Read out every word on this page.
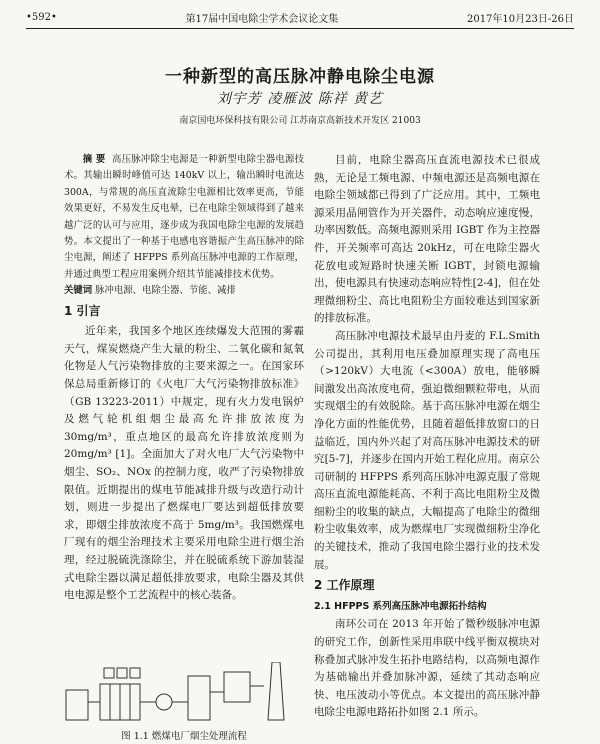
•592•	第17届中国电除尘学术会议论文集	2017年10月23日-26日
一种新型的高压脉冲静电除尘电源
刘宇芳 凌雁波 陈祥 黄艺
南京国电环保科技有限公司 江苏南京高新技术开发区 21003

摘 要 高压脉冲除尘电源是一种新型电除尘器电源技术。其输出瞬时峰值可达 140kV 以上，输出瞬时电流达 300A，与常规的高压直流除尘电源相比效率更高，节能效果更好，不易发生反电晕，已在电除尘领域得到了越来越广泛的认可与应用，逐步成为我国电除尘电源的发展趋势。本文提出了一种基于电感电容谐振产生高压脉冲的除尘电源，阐述了 HFPPS 系列高压脉冲电源的工作原理，并通过典型工程应用案例介绍其节能减排技术优势。

关键词 脉冲电源、电除尘器、节能、减排

1 引言

近年来，我国多个地区连续爆发大范围的雾霾天气，煤炭燃烧产生大量的粉尘、二氧化碳和氮氧化物是人气污染物排放的主要来源之一。在国家环保总局重新修订的《火电厂大气污染物排放标准》（GB 13223-2011）中规定，现有火力发电锅炉及燃气轮机组烟尘最高允许排放浓度为 30mg/m³，重点地区的最高允许排放浓度则为 20mg/m³ [1]。全面加大了对火电厂大气污染物中烟尘、SO₂、NOx 的控制力度，收严了污染物排放限值。近期提出的煤电节能减排升级与改造行动计划，则进一步提出了燃煤电厂要达到超低排放要求，即烟尘排放浓度不高于 5mg/m³。我国燃煤电厂现有的烟尘治理技术主要采用电除尘进行烟尘治理，经过脱硫洗涤除尘，并在脱硫系统下游加装湿式电除尘器以满足超低排放要求，电除尘器及其供电电源是整个工艺流程中的核心装备。

图 1.1 燃煤电厂烟尘处理流程

目前，电除尘器高压直流电源技术已很成熟，无论是工频电源、中频电源还是高频电源在电除尘领域都已得到了广泛应用。其中，工频电源采用晶闸管作为开关器件，动态响应速度慢，功率因数低。高频电源则采用 IGBT 作为主控器件，开关频率可高达 20kHz，可在电除尘器火花放电或短路时快速关断 IGBT，封锁电源输出，使电源具有快速动态响应特性[2-4]，但在处理微细粉尘、高比电阻粉尘方面较难达到国家新的排放标准。

高压脉冲电源技术最早由丹麦的 F.L.Smith 公司提出，其利用电压叠加原理实现了高电压（>120kV）大电流（<300A）放电，能够瞬间激发出高浓度电荷，强迫微细颗粒带电，从而实现烟尘的有效脱除。基于高压脉冲电源在烟尘净化方面的性能优势，且随着超低排放窗口的日益临近，国内外兴起了对高压脉冲电源技术的研究[5-7]，并逐步在国内开始工程化应用。南京公司研制的 HFPPS 系列高压脉冲电源克服了常规高压直流电源能耗高、不利于高比电阻粉尘及微细粉尘的收集的缺点，大幅提高了电除尘的微细粉尘收集效率，成为燃煤电厂实现微细粉尘净化的关键技术，推动了我国电除尘器行业的技术发展。

2 工作原理
2.1 HFPPS 系列高压脉冲电源拓扑结构

南环公司在 2013 年开始了微秒级脉冲电源的研究工作，创新性采用串联中线平衡双模块对称叠加式脉冲发生拓扑电路结构，以高频电源作为基础输出并叠加脉冲源，延续了其动态响应快、电压波动小等优点。本文提出的高压脉冲静电除尘电源电路拓扑如图 2.1 所示。
